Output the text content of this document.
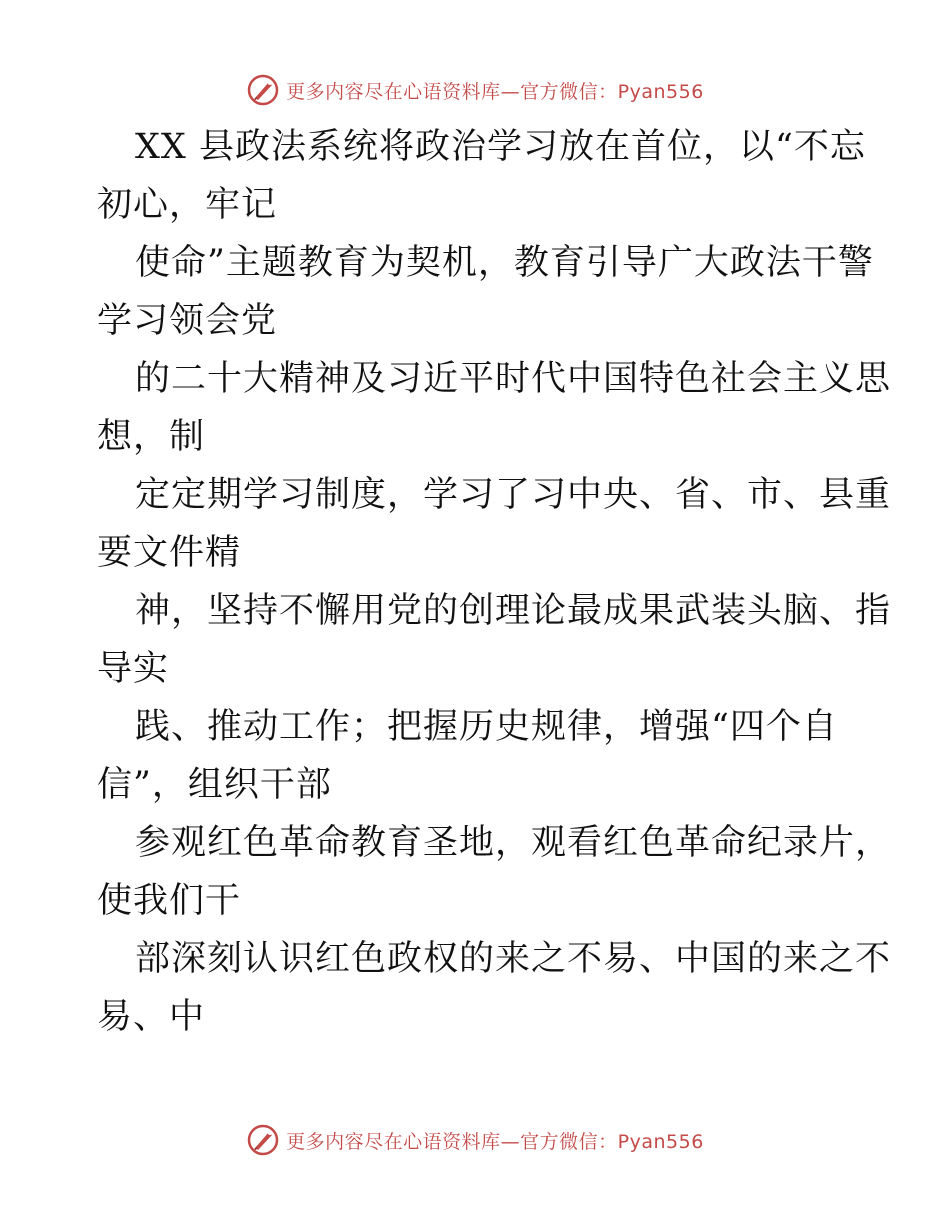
更多内容尽在心语资料库—官方微信：Pyan556
XX 县政法系统将政治学习放在首位，以“不忘
初心，牢记
使命”主题教育为契机，教育引导广大政法干警
学习领会党
的二十大精神及习近平时代中国特色社会主义思
想，制
定定期学习制度，学习了习中央、省、市、县重
要文件精
神，坚持不懈用党的创理论最成果武装头脑、指
导实
践、推动工作；把握历史规律，增强“四个自
信”，组织干部
参观红色革命教育圣地，观看红色革命纪录片，
使我们干
部深刻认识红色政权的来之不易、中国的来之不
易、中
更多内容尽在心语资料库—官方微信：Pyan556
